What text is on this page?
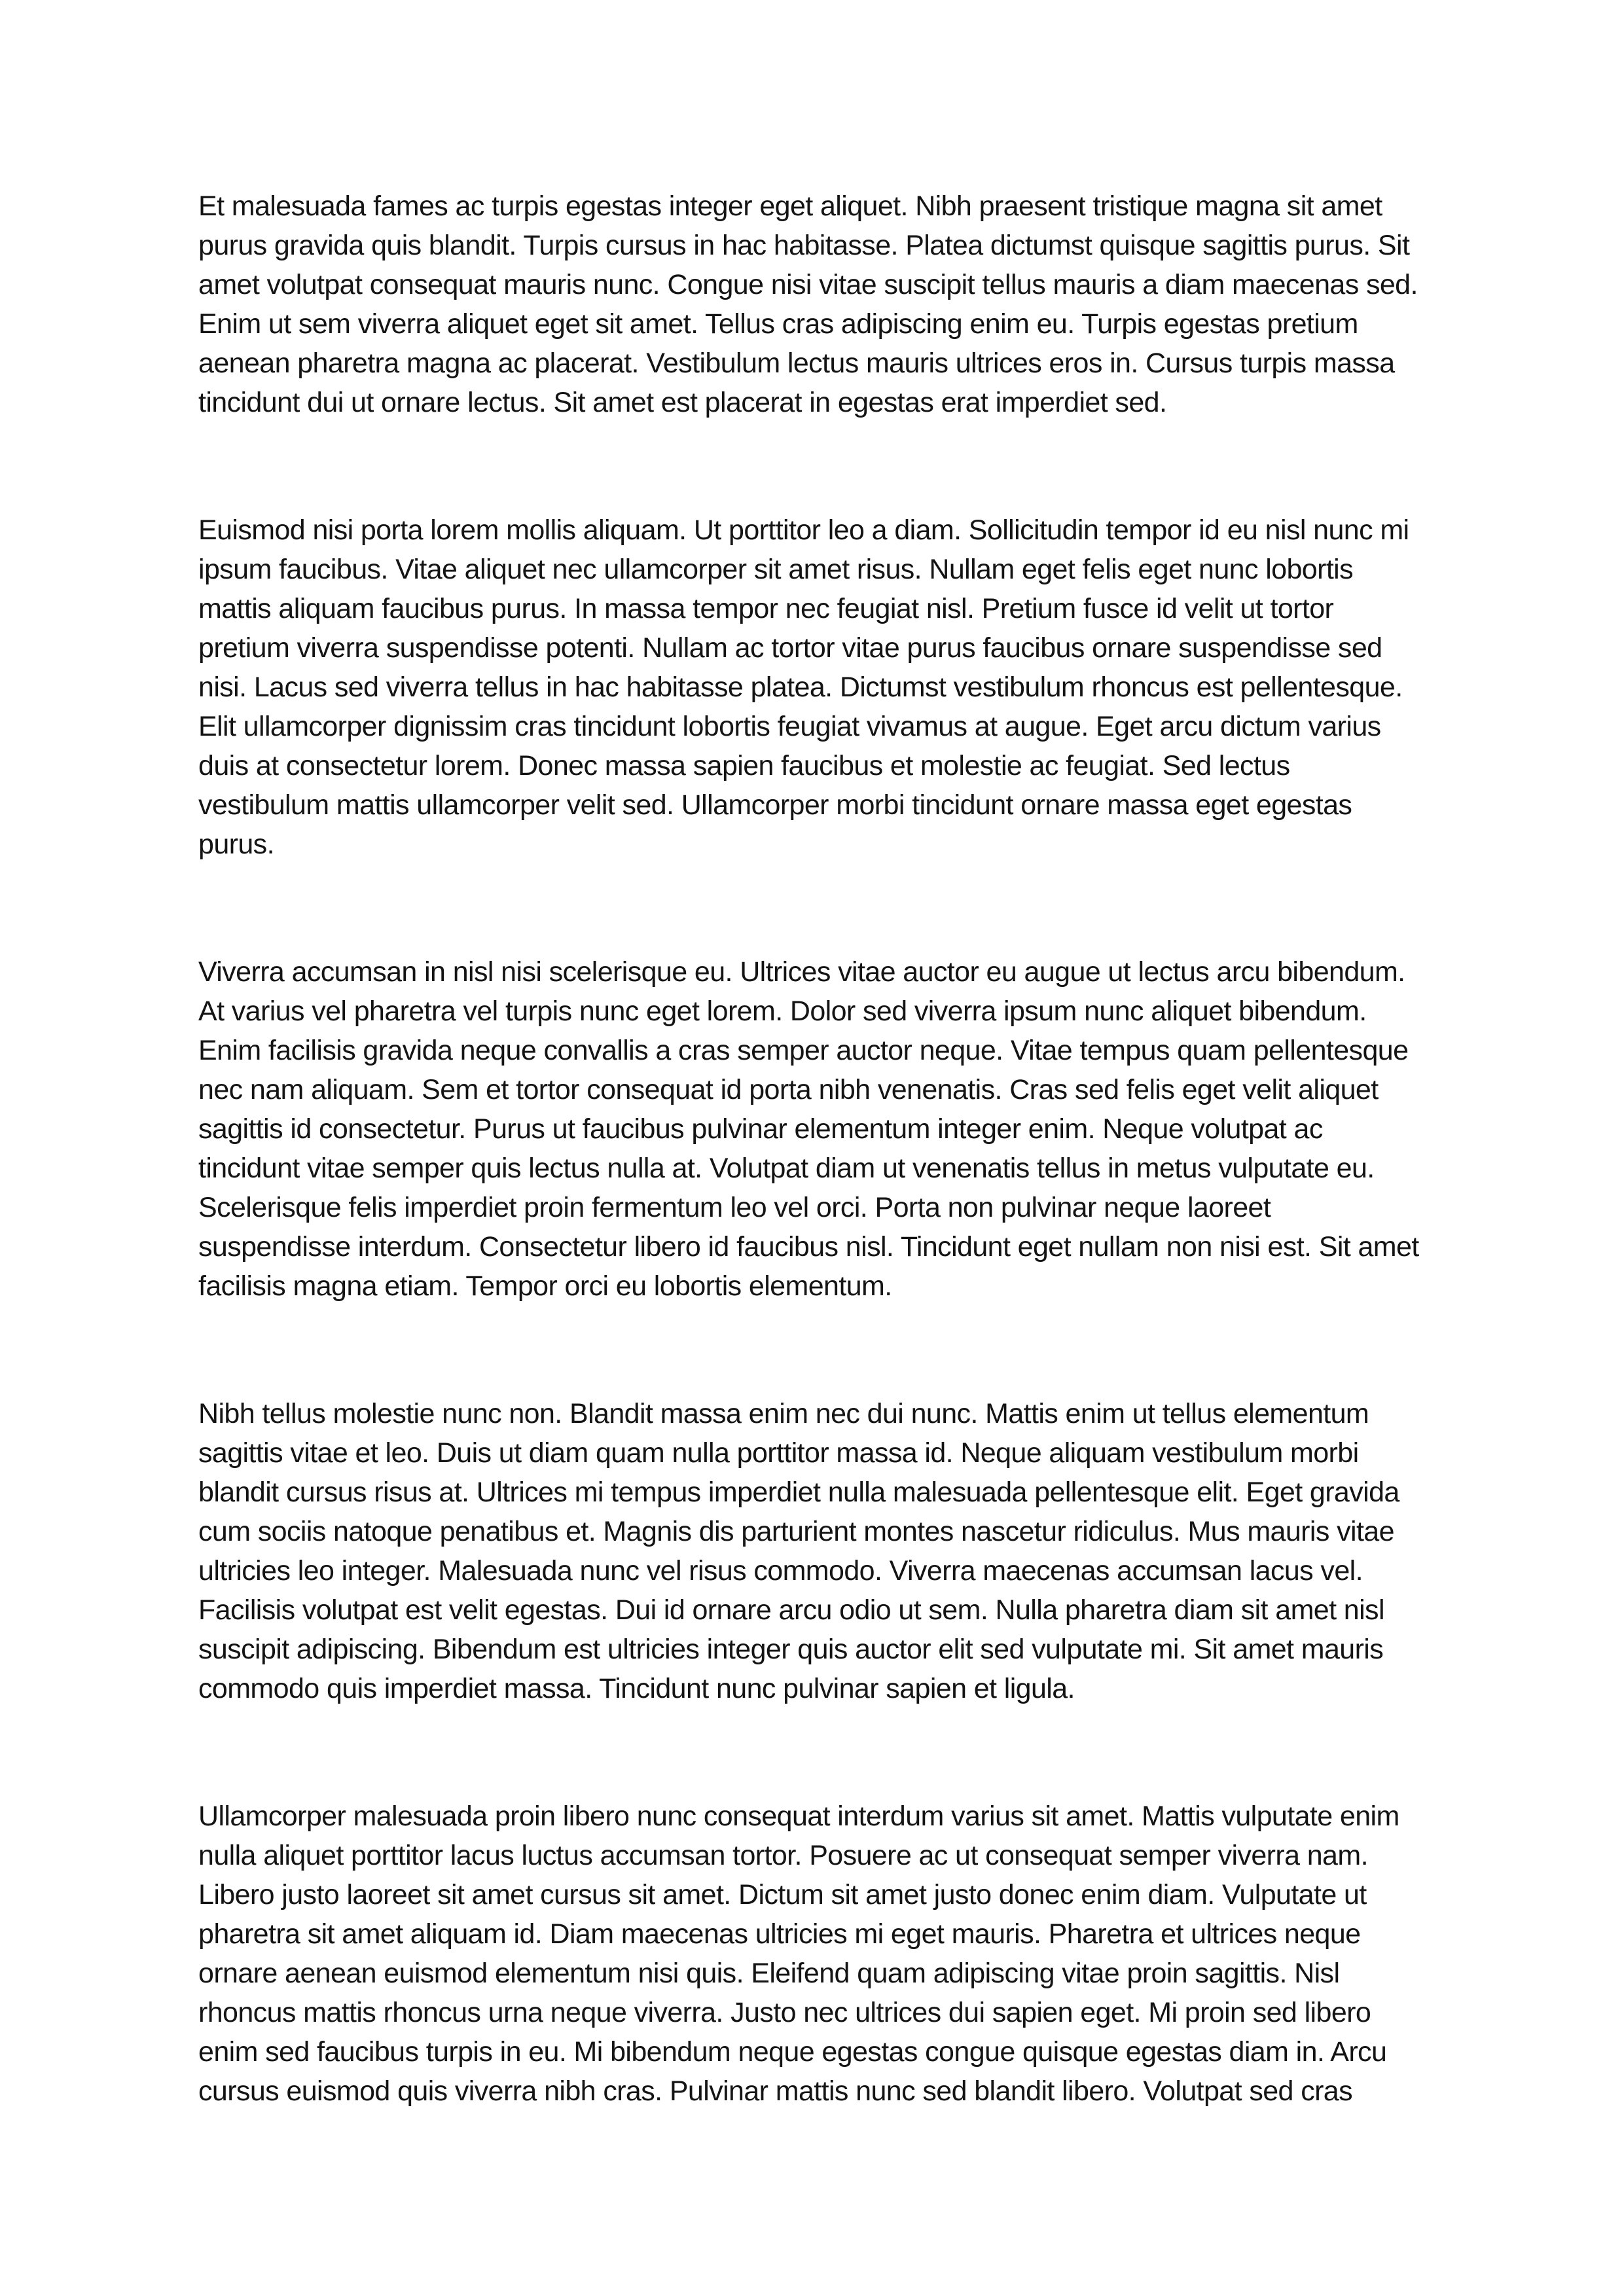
Et malesuada fames ac turpis egestas integer eget aliquet. Nibh praesent tristique magna sit amet purus gravida quis blandit. Turpis cursus in hac habitasse. Platea dictumst quisque sagittis purus. Sit amet volutpat consequat mauris nunc. Congue nisi vitae suscipit tellus mauris a diam maecenas sed. Enim ut sem viverra aliquet eget sit amet. Tellus cras adipiscing enim eu. Turpis egestas pretium aenean pharetra magna ac placerat. Vestibulum lectus mauris ultrices eros in. Cursus turpis massa tincidunt dui ut ornare lectus. Sit amet est placerat in egestas erat imperdiet sed.

Euismod nisi porta lorem mollis aliquam. Ut porttitor leo a diam. Sollicitudin tempor id eu nisl nunc mi ipsum faucibus. Vitae aliquet nec ullamcorper sit amet risus. Nullam eget felis eget nunc lobortis mattis aliquam faucibus purus. In massa tempor nec feugiat nisl. Pretium fusce id velit ut tortor pretium viverra suspendisse potenti. Nullam ac tortor vitae purus faucibus ornare suspendisse sed nisi. Lacus sed viverra tellus in hac habitasse platea. Dictumst vestibulum rhoncus est pellentesque. Elit ullamcorper dignissim cras tincidunt lobortis feugiat vivamus at augue. Eget arcu dictum varius duis at consectetur lorem. Donec massa sapien faucibus et molestie ac feugiat. Sed lectus vestibulum mattis ullamcorper velit sed. Ullamcorper morbi tincidunt ornare massa eget egestas purus.

Viverra accumsan in nisl nisi scelerisque eu. Ultrices vitae auctor eu augue ut lectus arcu bibendum. At varius vel pharetra vel turpis nunc eget lorem. Dolor sed viverra ipsum nunc aliquet bibendum. Enim facilisis gravida neque convallis a cras semper auctor neque. Vitae tempus quam pellentesque nec nam aliquam. Sem et tortor consequat id porta nibh venenatis. Cras sed felis eget velit aliquet sagittis id consectetur. Purus ut faucibus pulvinar elementum integer enim. Neque volutpat ac tincidunt vitae semper quis lectus nulla at. Volutpat diam ut venenatis tellus in metus vulputate eu. Scelerisque felis imperdiet proin fermentum leo vel orci. Porta non pulvinar neque laoreet suspendisse interdum. Consectetur libero id faucibus nisl. Tincidunt eget nullam non nisi est. Sit amet facilisis magna etiam. Tempor orci eu lobortis elementum.

Nibh tellus molestie nunc non. Blandit massa enim nec dui nunc. Mattis enim ut tellus elementum sagittis vitae et leo. Duis ut diam quam nulla porttitor massa id. Neque aliquam vestibulum morbi blandit cursus risus at. Ultrices mi tempus imperdiet nulla malesuada pellentesque elit. Eget gravida cum sociis natoque penatibus et. Magnis dis parturient montes nascetur ridiculus. Mus mauris vitae ultricies leo integer. Malesuada nunc vel risus commodo. Viverra maecenas accumsan lacus vel. Facilisis volutpat est velit egestas. Dui id ornare arcu odio ut sem. Nulla pharetra diam sit amet nisl suscipit adipiscing. Bibendum est ultricies integer quis auctor elit sed vulputate mi. Sit amet mauris commodo quis imperdiet massa. Tincidunt nunc pulvinar sapien et ligula.

Ullamcorper malesuada proin libero nunc consequat interdum varius sit amet. Mattis vulputate enim nulla aliquet porttitor lacus luctus accumsan tortor. Posuere ac ut consequat semper viverra nam. Libero justo laoreet sit amet cursus sit amet. Dictum sit amet justo donec enim diam. Vulputate ut pharetra sit amet aliquam id. Diam maecenas ultricies mi eget mauris. Pharetra et ultrices neque ornare aenean euismod elementum nisi quis. Eleifend quam adipiscing vitae proin sagittis. Nisl rhoncus mattis rhoncus urna neque viverra. Justo nec ultrices dui sapien eget. Mi proin sed libero enim sed faucibus turpis in eu. Mi bibendum neque egestas congue quisque egestas diam in. Arcu cursus euismod quis viverra nibh cras. Pulvinar mattis nunc sed blandit libero. Volutpat sed cras
